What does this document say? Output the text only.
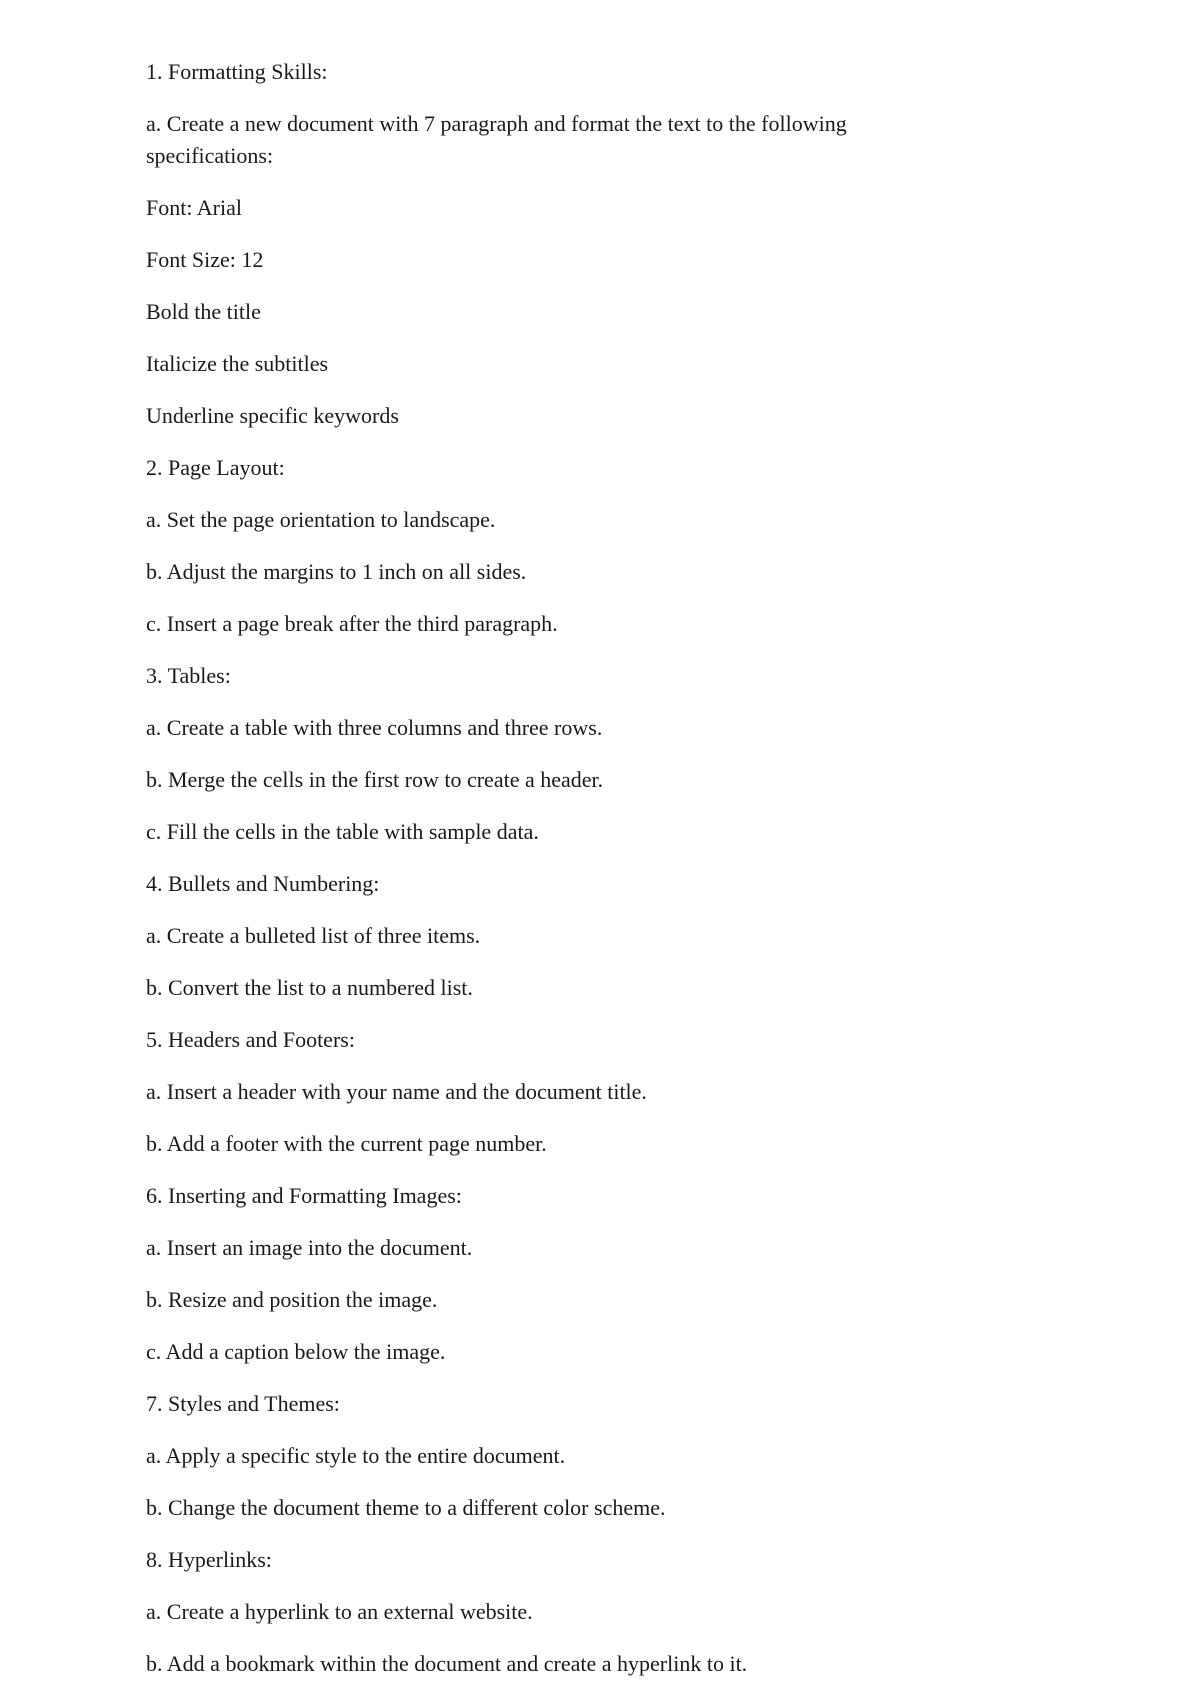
1. Formatting Skills:

a. Create a new document with 7 paragraph and format the text to the following specifications:

Font: Arial

Font Size: 12

Bold the title

Italicize the subtitles

Underline specific keywords

2. Page Layout:

a. Set the page orientation to landscape.

b. Adjust the margins to 1 inch on all sides.

c. Insert a page break after the third paragraph.

3. Tables:

a. Create a table with three columns and three rows.

b. Merge the cells in the first row to create a header.

c. Fill the cells in the table with sample data.

4. Bullets and Numbering:

a. Create a bulleted list of three items.

b. Convert the list to a numbered list.

5. Headers and Footers:

a. Insert a header with your name and the document title.

b. Add a footer with the current page number.

6. Inserting and Formatting Images:

a. Insert an image into the document.

b. Resize and position the image.

c. Add a caption below the image.

7. Styles and Themes:

a. Apply a specific style to the entire document.

b. Change the document theme to a different color scheme.

8. Hyperlinks:

a. Create a hyperlink to an external website.

b. Add a bookmark within the document and create a hyperlink to it.
